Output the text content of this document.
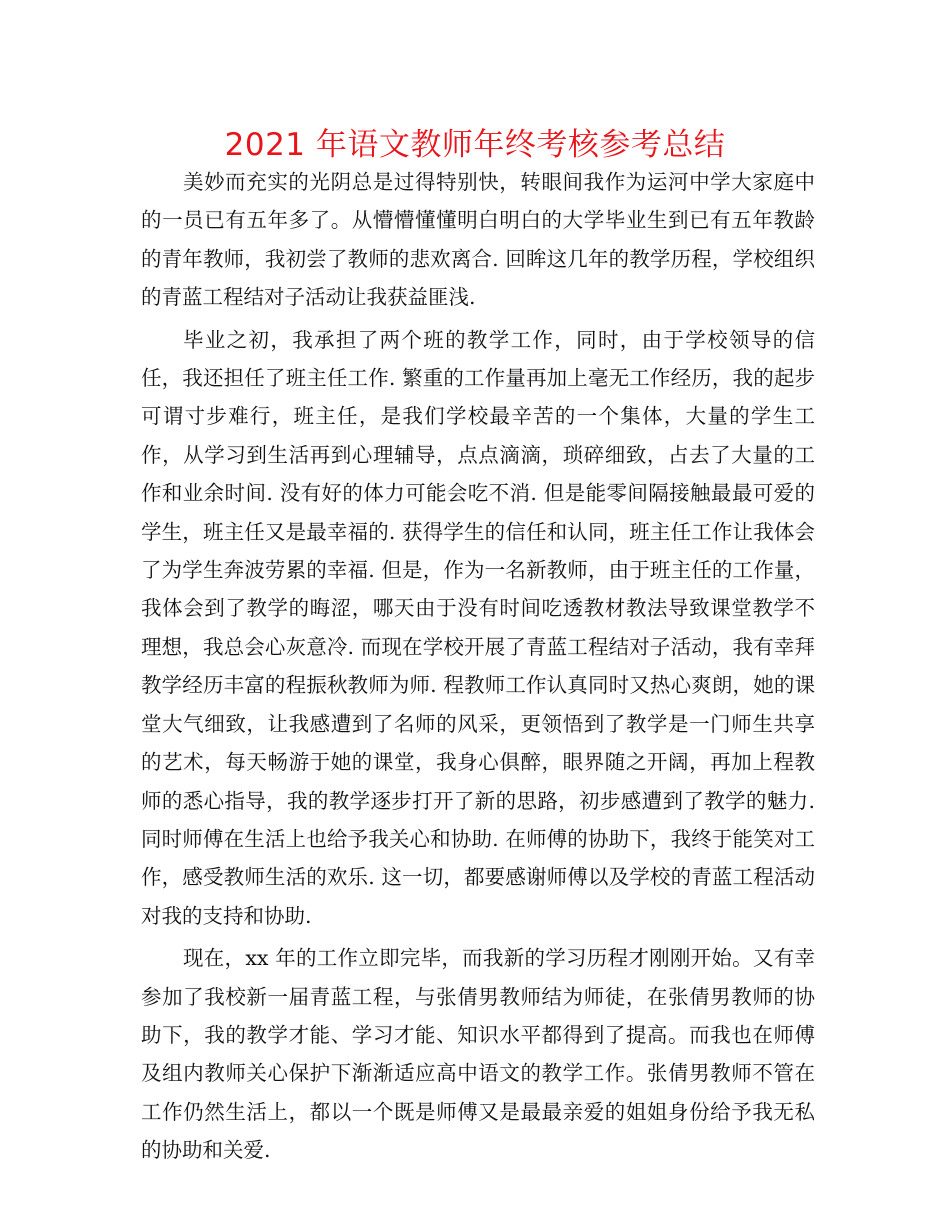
2021 年语文教师年终考核参考总结

美妙而充实的光阴总是过得特别快，转眼间我作为运河中学大家庭中的一员已有五年多了。从懵懵懂懂明白明白的大学毕业生到已有五年教龄的青年教师，我初尝了教师的悲欢离合. 回眸这几年的教学历程，学校组织的青蓝工程结对子活动让我获益匪浅.

毕业之初，我承担了两个班的教学工作，同时，由于学校领导的信任，我还担任了班主任工作. 繁重的工作量再加上毫无工作经历，我的起步可谓寸步难行，班主任，是我们学校最辛苦的一个集体，大量的学生工作，从学习到生活再到心理辅导，点点滴滴，琐碎细致，占去了大量的工作和业余时间. 没有好的体力可能会吃不消. 但是能零间隔接触最最可爱的学生，班主任又是最幸福的. 获得学生的信任和认同，班主任工作让我体会了为学生奔波劳累的幸福. 但是，作为一名新教师，由于班主任的工作量，我体会到了教学的晦涩，哪天由于没有时间吃透教材教法导致课堂教学不理想，我总会心灰意冷. 而现在学校开展了青蓝工程结对子活动，我有幸拜教学经历丰富的程振秋教师为师. 程教师工作认真同时又热心爽朗，她的课堂大气细致，让我感遭到了名师的风采，更领悟到了教学是一门师生共享的艺术，每天畅游于她的课堂，我身心俱醉，眼界随之开阔，再加上程教师的悉心指导，我的教学逐步打开了新的思路，初步感遭到了教学的魅力. 同时师傅在生活上也给予我关心和协助. 在师傅的协助下，我终于能笑对工作，感受教师生活的欢乐. 这一切，都要感谢师傅以及学校的青蓝工程活动对我的支持和协助.

现在，xx 年的工作立即完毕，而我新的学习历程才刚刚开始。又有幸参加了我校新一届青蓝工程，与张倩男教师结为师徒，在张倩男教师的协助下，我的教学才能、学习才能、知识水平都得到了提高。而我也在师傅及组内教师关心保护下渐渐适应高中语文的教学工作。张倩男教师不管在工作仍然生活上，都以一个既是师傅又是最最亲爱的姐姐身份给予我无私的协助和关爱.
